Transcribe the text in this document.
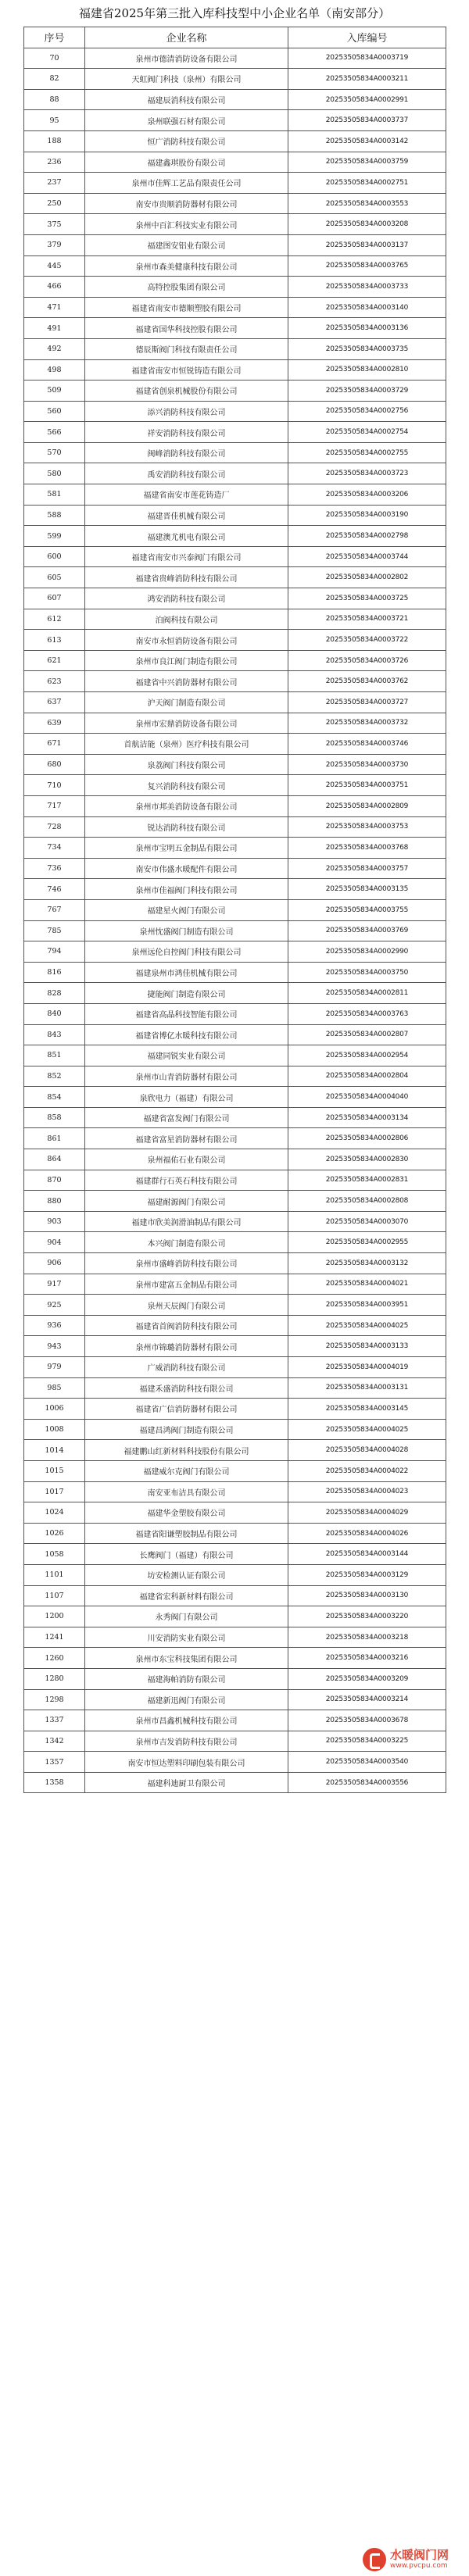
福建省2025年第三批入库科技型中小企业名单（南安部分）
序号	企业名称	入库编号
70	泉州市德清消防设备有限公司	20253505834A0003719
82	天虹阀门科技（泉州）有限公司	20253505834A0003211
88	福建辰消科技有限公司	20253505834A0002991
95	泉州联强石材有限公司	20253505834A0003737
188	恒广消防科技有限公司	20253505834A0003142
236	福建鑫琪股份有限公司	20253505834A0003759
237	泉州市佳辉工艺品有限责任公司	20253505834A0002751
250	南安市贵顺消防器材有限公司	20253505834A0003553
375	泉州中百汇科技实业有限公司	20253505834A0003208
379	福建图安铝业有限公司	20253505834A0003137
445	泉州市森美健康科技有限公司	20253505834A0003765
466	高特控股集团有限公司	20253505834A0003733
471	福建省南安市德顺塑胶有限公司	20253505834A0003140
491	福建省国华科技控股有限公司	20253505834A0003136
492	德辰斯阀门科技有限责任公司	20253505834A0003735
498	福建省南安市恒锐铸造有限公司	20253505834A0002810
509	福建省创泉机械股份有限公司	20253505834A0003729
560	添兴消防科技有限公司	20253505834A0002756
566	祥安消防科技有限公司	20253505834A0002754
570	闽峰消防科技有限公司	20253505834A0002755
580	禹安消防科技有限公司	20253505834A0003723
581	福建省南安市莲花铸造厂	20253505834A0003206
588	福建晋佳机械有限公司	20253505834A0003190
599	福建澳尤机电有限公司	20253505834A0002798
600	福建省南安市兴泰阀门有限公司	20253505834A0003744
605	福建省贵峰消防科技有限公司	20253505834A0002802
607	鸿安消防科技有限公司	20253505834A0003725
612	泊阀科技有限公司	20253505834A0003721
613	南安市永恒消防设备有限公司	20253505834A0003722
621	泉州市良江阀门制造有限公司	20253505834A0003726
623	福建省中兴消防器材有限公司	20253505834A0003762
637	沪天阀门制造有限公司	20253505834A0003727
639	泉州市宏鼎消防设备有限公司	20253505834A0003732
671	首航洁能（泉州）医疗科技有限公司	20253505834A0003746
680	泉荔阀门科技有限公司	20253505834A0003730
710	复兴消防科技有限公司	20253505834A0003751
717	泉州市邦美消防设备有限公司	20253505834A0002809
728	锐达消防科技有限公司	20253505834A0003753
734	泉州市宝明五金制品有限公司	20253505834A0003768
736	南安市伟盛水暖配件有限公司	20253505834A0003757
746	泉州市佳福阀门科技有限公司	20253505834A0003135
767	福建星火阀门有限公司	20253505834A0003755
785	泉州忱盛阀门制造有限公司	20253505834A0003769
794	泉州远伦自控阀门科技有限公司	20253505834A0002990
816	福建泉州市鸿佳机械有限公司	20253505834A0003750
828	捷能阀门制造有限公司	20253505834A0002811
840	福建省高晶科技智能有限公司	20253505834A0003763
843	福建省博亿水暖科技有限公司	20253505834A0002807
851	福建同锐实业有限公司	20253505834A0002954
852	泉州市山青消防器材有限公司	20253505834A0002804
854	泉欣电力（福建）有限公司	20253505834A0004040
858	福建省富发阀门有限公司	20253505834A0003134
861	福建省富星消防器材有限公司	20253505834A0002806
864	泉州福佑石业有限公司	20253505834A0002830
870	福建群行石英石科技有限公司	20253505834A0002831
880	福建耐源阀门有限公司	20253505834A0002808
903	福建市欣美润滑油制品有限公司	20253505834A0003070
904	本兴阀门制造有限公司	20253505834A0002955
906	泉州市盛峰消防科技有限公司	20253505834A0003132
917	泉州市建富五金制品有限公司	20253505834A0004021
925	泉州天辰阀门有限公司	20253505834A0003951
936	福建省首阀消防科技有限公司	20253505834A0004025
943	泉州市锦璐消防器材有限公司	20253505834A0003133
979	广威消防科技有限公司	20253505834A0004019
985	福建禾盛消防科技有限公司	20253505834A0003131
1006	福建省广信消防器材有限公司	20253505834A0003145
1008	福建昌鸿阀门制造有限公司	20253505834A0004025
1014	福建鹏山红新材料科技股份有限公司	20253505834A0004028
1015	福建威尔克阀门有限公司	20253505834A0004022
1017	南安亚布洁具有限公司	20253505834A0004023
1024	福建华金塑胶有限公司	20253505834A0004029
1026	福建省阳谦塑胶制品有限公司	20253505834A0004026
1058	长鹰阀门（福建）有限公司	20253505834A0003144
1101	坊安检测认证有限公司	20253505834A0003129
1107	福建省宏科新材料有限公司	20253505834A0003130
1200	永秀阀门有限公司	20253505834A0003220
1241	川安消防实业有限公司	20253505834A0003218
1260	泉州市东宝科技集团有限公司	20253505834A0003216
1280	福建海帕消防有限公司	20253505834A0003209
1298	福建新迅阀门有限公司	20253505834A0003214
1337	泉州市昌鑫机械科技有限公司	20253505834A0003678
1342	泉州市吉发消防科技有限公司	20253505834A0003225
1357	南安市恒达塑料印刷包装有限公司	20253505834A0003540
1358	福建科迪厨卫有限公司	20253505834A0003556
水暖阀门网
www.pvcpu.com
